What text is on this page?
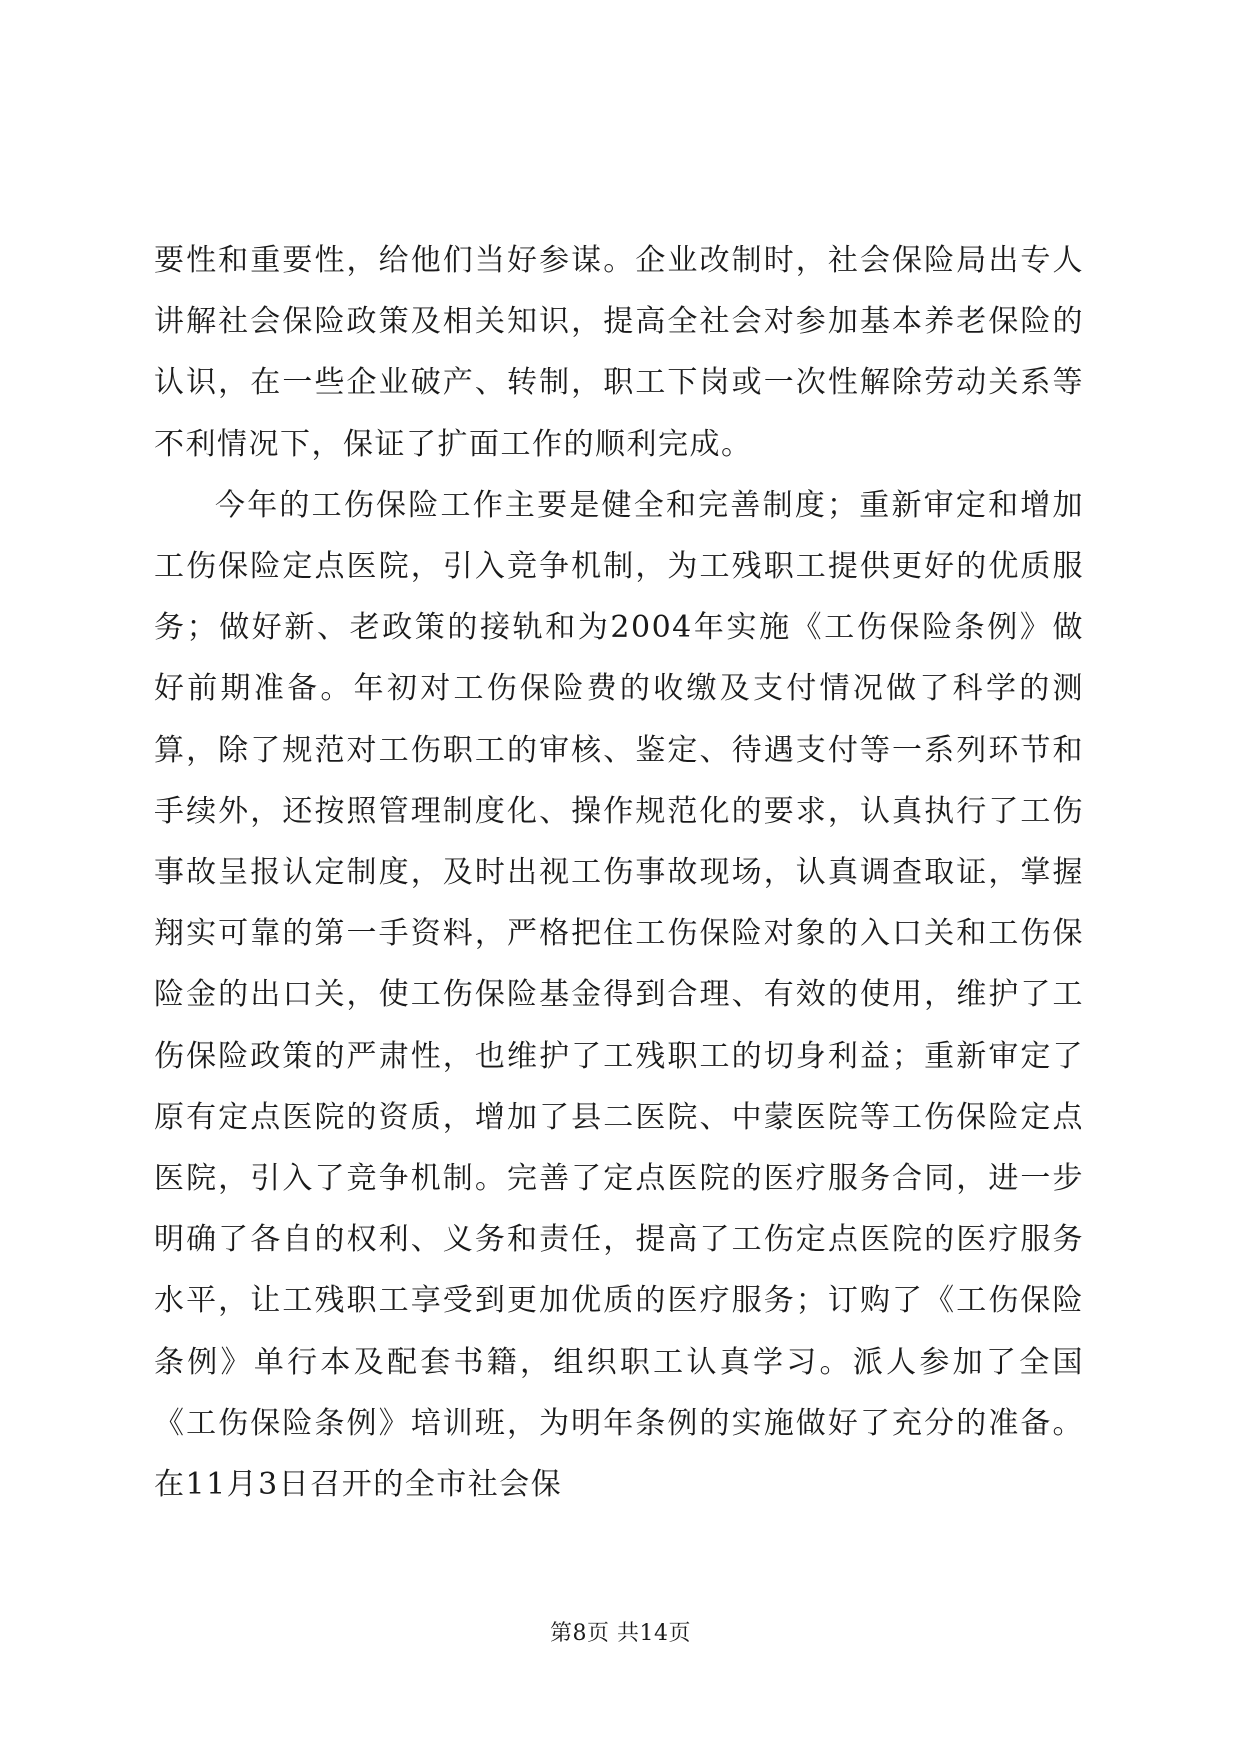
要性和重要性，给他们当好参谋。企业改制时，社会保险局出专人讲解社会保险政策及相关知识，提高全社会对参加基本养老保险的认识，在一些企业破产、转制，职工下岗或一次性解除劳动关系等不利情况下，保证了扩面工作的顺利完成。

今年的工伤保险工作主要是健全和完善制度；重新审定和增加工伤保险定点医院，引入竞争机制，为工残职工提供更好的优质服务；做好新、老政策的接轨和为2004年实施《工伤保险条例》做好前期准备。年初对工伤保险费的收缴及支付情况做了科学的测算，除了规范对工伤职工的审核、鉴定、待遇支付等一系列环节和手续外，还按照管理制度化、操作规范化的要求，认真执行了工伤事故呈报认定制度，及时出视工伤事故现场，认真调查取证，掌握翔实可靠的第一手资料，严格把住工伤保险对象的入口关和工伤保险金的出口关，使工伤保险基金得到合理、有效的使用，维护了工伤保险政策的严肃性，也维护了工残职工的切身利益；重新审定了原有定点医院的资质，增加了县二医院、中蒙医院等工伤保险定点医院，引入了竞争机制。完善了定点医院的医疗服务合同，进一步明确了各自的权利、义务和责任，提高了工伤定点医院的医疗服务水平，让工残职工享受到更加优质的医疗服务；订购了《工伤保险条例》单行本及配套书籍，组织职工认真学习。派人参加了全国《工伤保险条例》培训班，为明年条例的实施做好了充分的准备。在11月3日召开的全市社会保

第8页 共14页
